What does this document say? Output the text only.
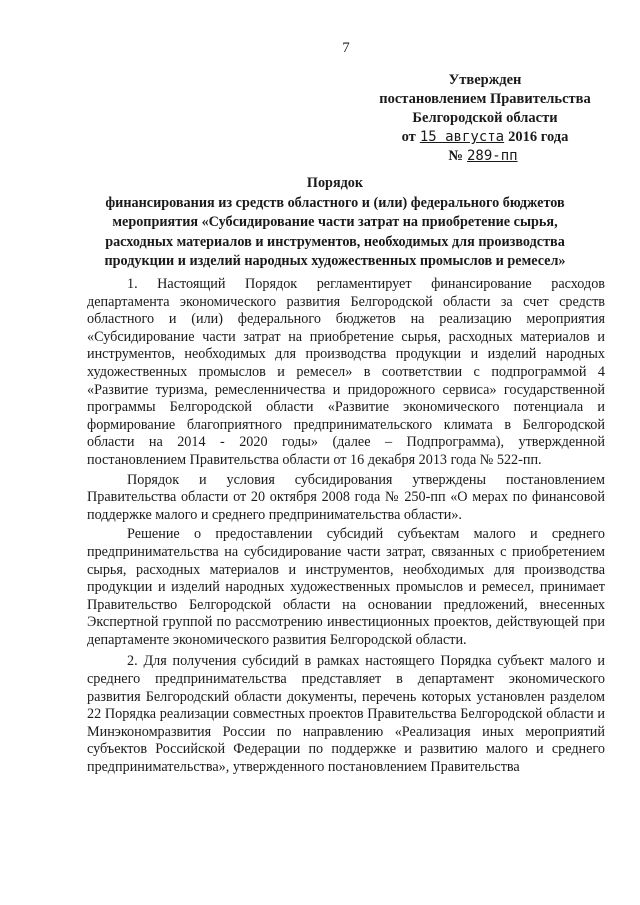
7
Утвержден
постановлением Правительства
Белгородской области
от 15 августа 2016 года
№ 289-пп
Порядок
финансирования из средств областного и (или) федерального бюджетов
мероприятия «Субсидирование части затрат на приобретение сырья,
расходных материалов и инструментов, необходимых для производства
продукции и изделий народных художественных промыслов и ремесел»

1. Настоящий Порядок регламентирует финансирование расходов департамента экономического развития Белгородской области за счет средств областного и (или) федерального бюджетов на реализацию мероприятия «Субсидирование части затрат на приобретение сырья, расходных материалов и инструментов, необходимых для производства продукции и изделий народных художественных промыслов и ремесел» в соответствии с подпрограммой 4 «Развитие туризма, ремесленничества и придорожного сервиса» государственной программы Белгородской области «Развитие экономического потенциала и формирование благоприятного предпринимательского климата в Белгородской области на 2014 - 2020 годы» (далее – Подпрограмма), утвержденной постановлением Правительства области от 16 декабря 2013 года № 522-пп.

Порядок и условия субсидирования утверждены постановлением Правительства области от 20 октября 2008 года № 250-пп «О мерах по финансовой поддержке малого и среднего предпринимательства области».

Решение о предоставлении субсидий субъектам малого и среднего предпринимательства на субсидирование части затрат, связанных с приобретением сырья, расходных материалов и инструментов, необходимых для производства продукции и изделий народных художественных промыслов и ремесел, принимает Правительство Белгородской области на основании предложений, внесенных Экспертной группой по рассмотрению инвестиционных проектов, действующей при департаменте экономического развития Белгородской области.

2. Для получения субсидий в рамках настоящего Порядка субъект малого и среднего предпринимательства представляет в департамент экономического развития Белгородский области документы, перечень которых установлен разделом 22 Порядка реализации совместных проектов Правительства Белгородской области и Минэкономразвития России по направлению «Реализация иных мероприятий субъектов Российской Федерации по поддержке и развитию малого и среднего предпринимательства», утвержденного постановлением Правительства
